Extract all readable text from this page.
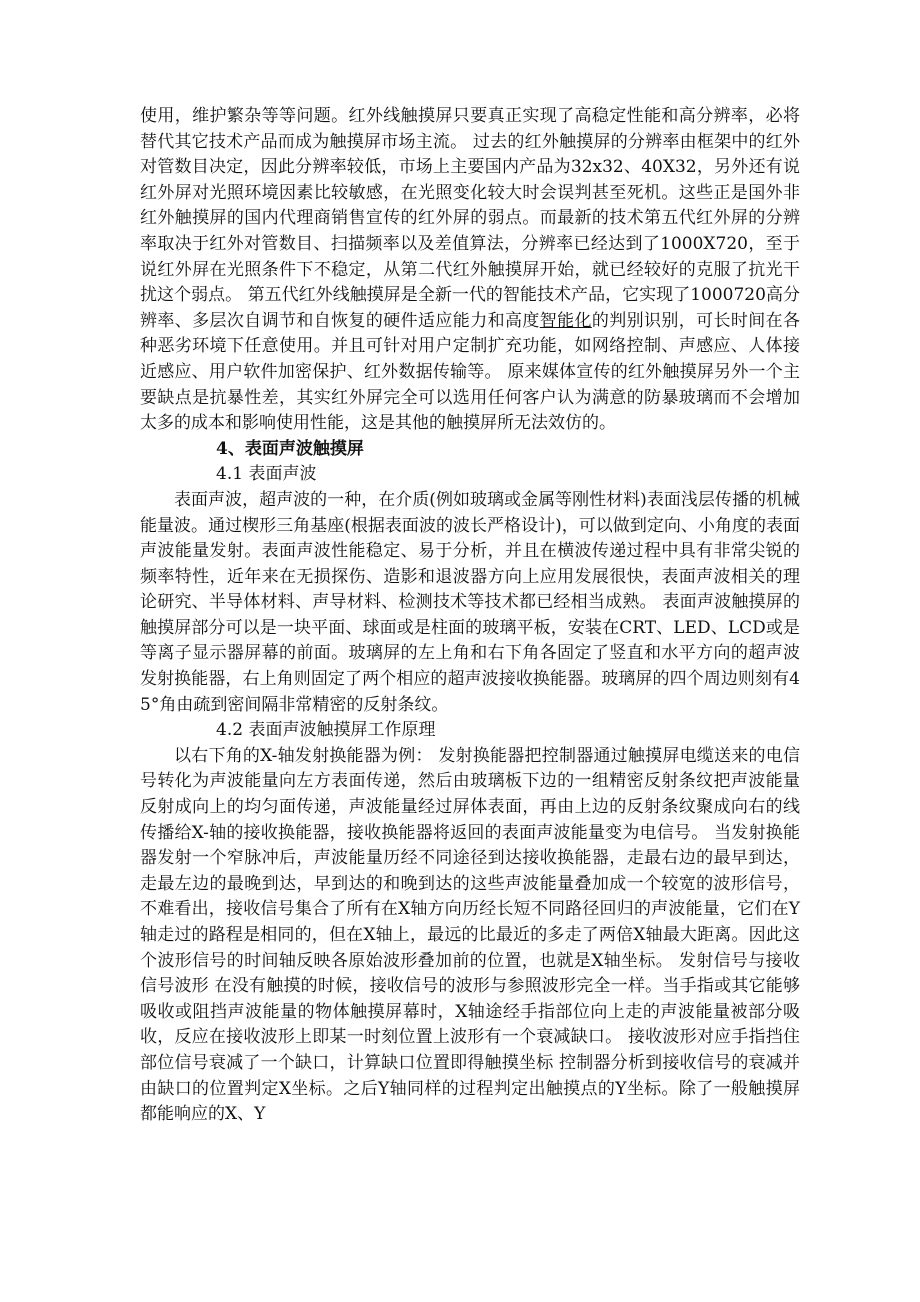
使用，维护繁杂等等问题。红外线触摸屏只要真正实现了高稳定性能和高分辨率，必将替代其它技术产品而成为触摸屏市场主流。 过去的红外触摸屏的分辨率由框架中的红外对管数目决定，因此分辨率较低，市场上主要国内产品为32x32、40X32，另外还有说红外屏对光照环境因素比较敏感，在光照变化较大时会误判甚至死机。这些正是国外非红外触摸屏的国内代理商销售宣传的红外屏的弱点。而最新的技术第五代红外屏的分辨率取决于红外对管数目、扫描频率以及差值算法，分辨率已经达到了1000X720，至于说红外屏在光照条件下不稳定，从第二代红外触摸屏开始，就已经较好的克服了抗光干扰这个弱点。 第五代红外线触摸屏是全新一代的智能技术产品，它实现了1000720高分辨率、多层次自调节和自恢复的硬件适应能力和高度智能化的判别识别，可长时间在各种恶劣环境下任意使用。并且可针对用户定制扩充功能，如网络控制、声感应、人体接近感应、用户软件加密保护、红外数据传输等。 原来媒体宣传的红外触摸屏另外一个主要缺点是抗暴性差，其实红外屏完全可以选用任何客户认为满意的防暴玻璃而不会增加太多的成本和影响使用性能，这是其他的触摸屏所无法效仿的。

4、表面声波触摸屏

4.1 表面声波

表面声波，超声波的一种，在介质(例如玻璃或金属等刚性材料)表面浅层传播的机械能量波。通过楔形三角基座(根据表面波的波长严格设计)，可以做到定向、小角度的表面声波能量发射。表面声波性能稳定、易于分析，并且在横波传递过程中具有非常尖锐的频率特性，近年来在无损探伤、造影和退波器方向上应用发展很快，表面声波相关的理论研究、半导体材料、声导材料、检测技术等技术都已经相当成熟。 表面声波触摸屏的触摸屏部分可以是一块平面、球面或是柱面的玻璃平板，安装在CRT、LED、LCD或是等离子显示器屏幕的前面。玻璃屏的左上角和右下角各固定了竖直和水平方向的超声波发射换能器，右上角则固定了两个相应的超声波接收换能器。玻璃屏的四个周边则刻有45°角由疏到密间隔非常精密的反射条纹。

4.2 表面声波触摸屏工作原理

以右下角的X-轴发射换能器为例： 发射换能器把控制器通过触摸屏电缆送来的电信号转化为声波能量向左方表面传递，然后由玻璃板下边的一组精密反射条纹把声波能量反射成向上的均匀面传递，声波能量经过屏体表面，再由上边的反射条纹聚成向右的线传播给X-轴的接收换能器，接收换能器将返回的表面声波能量变为电信号。 当发射换能器发射一个窄脉冲后，声波能量历经不同途径到达接收换能器，走最右边的最早到达，走最左边的最晚到达，早到达的和晚到达的这些声波能量叠加成一个较宽的波形信号，不难看出，接收信号集合了所有在X轴方向历经长短不同路径回归的声波能量，它们在Y轴走过的路程是相同的，但在X轴上，最远的比最近的多走了两倍X轴最大距离。因此这个波形信号的时间轴反映各原始波形叠加前的位置，也就是X轴坐标。 发射信号与接收信号波形 在没有触摸的时候，接收信号的波形与参照波形完全一样。当手指或其它能够吸收或阻挡声波能量的物体触摸屏幕时，X轴途经手指部位向上走的声波能量被部分吸收，反应在接收波形上即某一时刻位置上波形有一个衰减缺口。 接收波形对应手指挡住部位信号衰减了一个缺口，计算缺口位置即得触摸坐标 控制器分析到接收信号的衰减并由缺口的位置判定X坐标。之后Y轴同样的过程判定出触摸点的Y坐标。除了一般触摸屏都能响应的X、Y
